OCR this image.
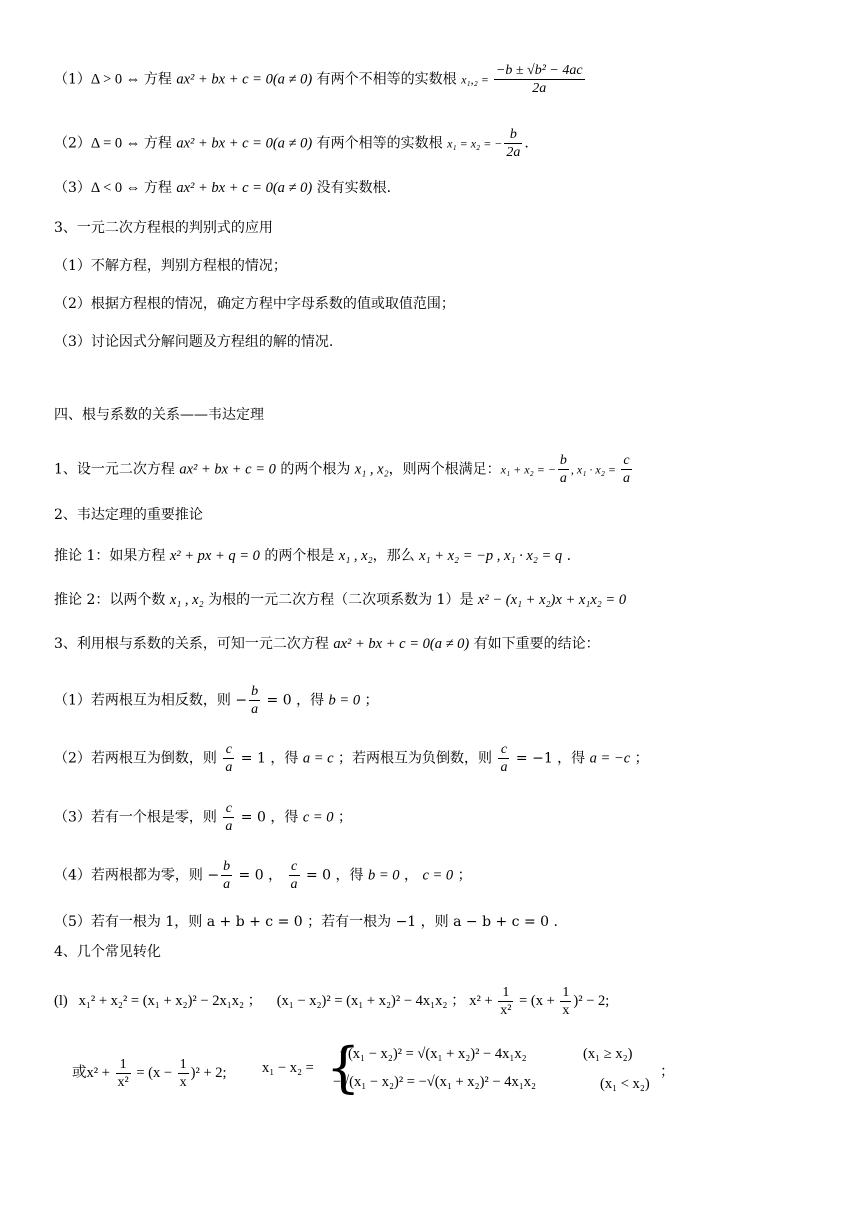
（1）Δ > 0 ⇔ 方程 ax² + bx + c = 0(a ≠ 0) 有两个不相等的实数根 $x_1,_2 = \frac{\text{−b ± √b² − 4ac}}{2a}$
（2）Δ = 0 ⇔ 方程 ax² + bx + c = 0(a ≠ 0) 有两个相等的实数根 x₁ = x₂ = − $\frac{b}{2a}$ .
（3）Δ < 0 ⇔ 方程 ax² + bx + c = 0(a ≠ 0) 没有实数根.
3、一元二次方程根的判别式的应用
（1）不解方程，判别方程根的情况；
（2）根据方程根的情况，确定方程中字母系数的值或取值范围；
（3）讨论因式分解问题及方程组的解的情况.
四、根与系数的关系——韦达定理
1、设一元二次方程 ax² + bx + c = 0 的两个根为 x₁ , x₂，则两个根满足：x₁ + x₂ = − $\frac{b}{a}$ , $x_1 \cdot x_2 = \frac{c}{a}$
2、韦达定理的重要推论
推论 1：如果方程 x² + px + q = 0 的两个根是 x₁ , x₂，那么 x₁ + x₂ = −p , x₁ · x₂ = q .
推论 2：以两个数 x₁ , x₂ 为根的一元二次方程（二次项系数为 1）是 x² − (x₁ + x₂)x + x₁x₂ = 0
3、利用根与系数的关系，可知一元二次方程 ax² + bx + c = 0(a ≠ 0) 有如下重要的结论：
（1）若两根互为相反数，则 − $\frac{b}{a} = 0$ ，得 b = 0 ；
（2）若两根互为倒数，则 $\frac{c}{a} = 1$ ，得 a = c ；若两根互为负倒数，则 $\frac{c}{a} = -1$ ，得 a = −c ；
（3）若有一个根是零，则 $\frac{c}{a} = 0$ ，得 c = 0 ；
（4）若两根都为零，则 − $\frac{b}{a} = 0$ ， $\frac{c}{a} = 0$ ，得 b = 0 ， c = 0 ；
（5）若有一根为 1，则 a + b + c = 0 ；若有一根为 −1 ，则 a − b + c = 0 .
4、几个常见转化
(l) x₁² + x₂² = (x₁ + x₂)² − 2x₁x₂ ； (x₁ − x₂)² = (x₁ + x₂)² − 4x₁x₂ ； $x^2 + \frac{1}{\text{x²}} = (x + \frac{1}{x} )^2 - 2$;
或$x^2 + \frac{1}{\text{x²}} = (x - \frac{1}{x} )^2 + 2$; x₁ − x₂ = {
√(x₁ − x₂)² = √(x₁ + x₂)² − 4x₁x₂	(x₁ ≥ x₂)
−√(x₁ − x₂)² = −√(x₁ + x₂)² − 4x₁x₂	(x₁ < x₂)
；
